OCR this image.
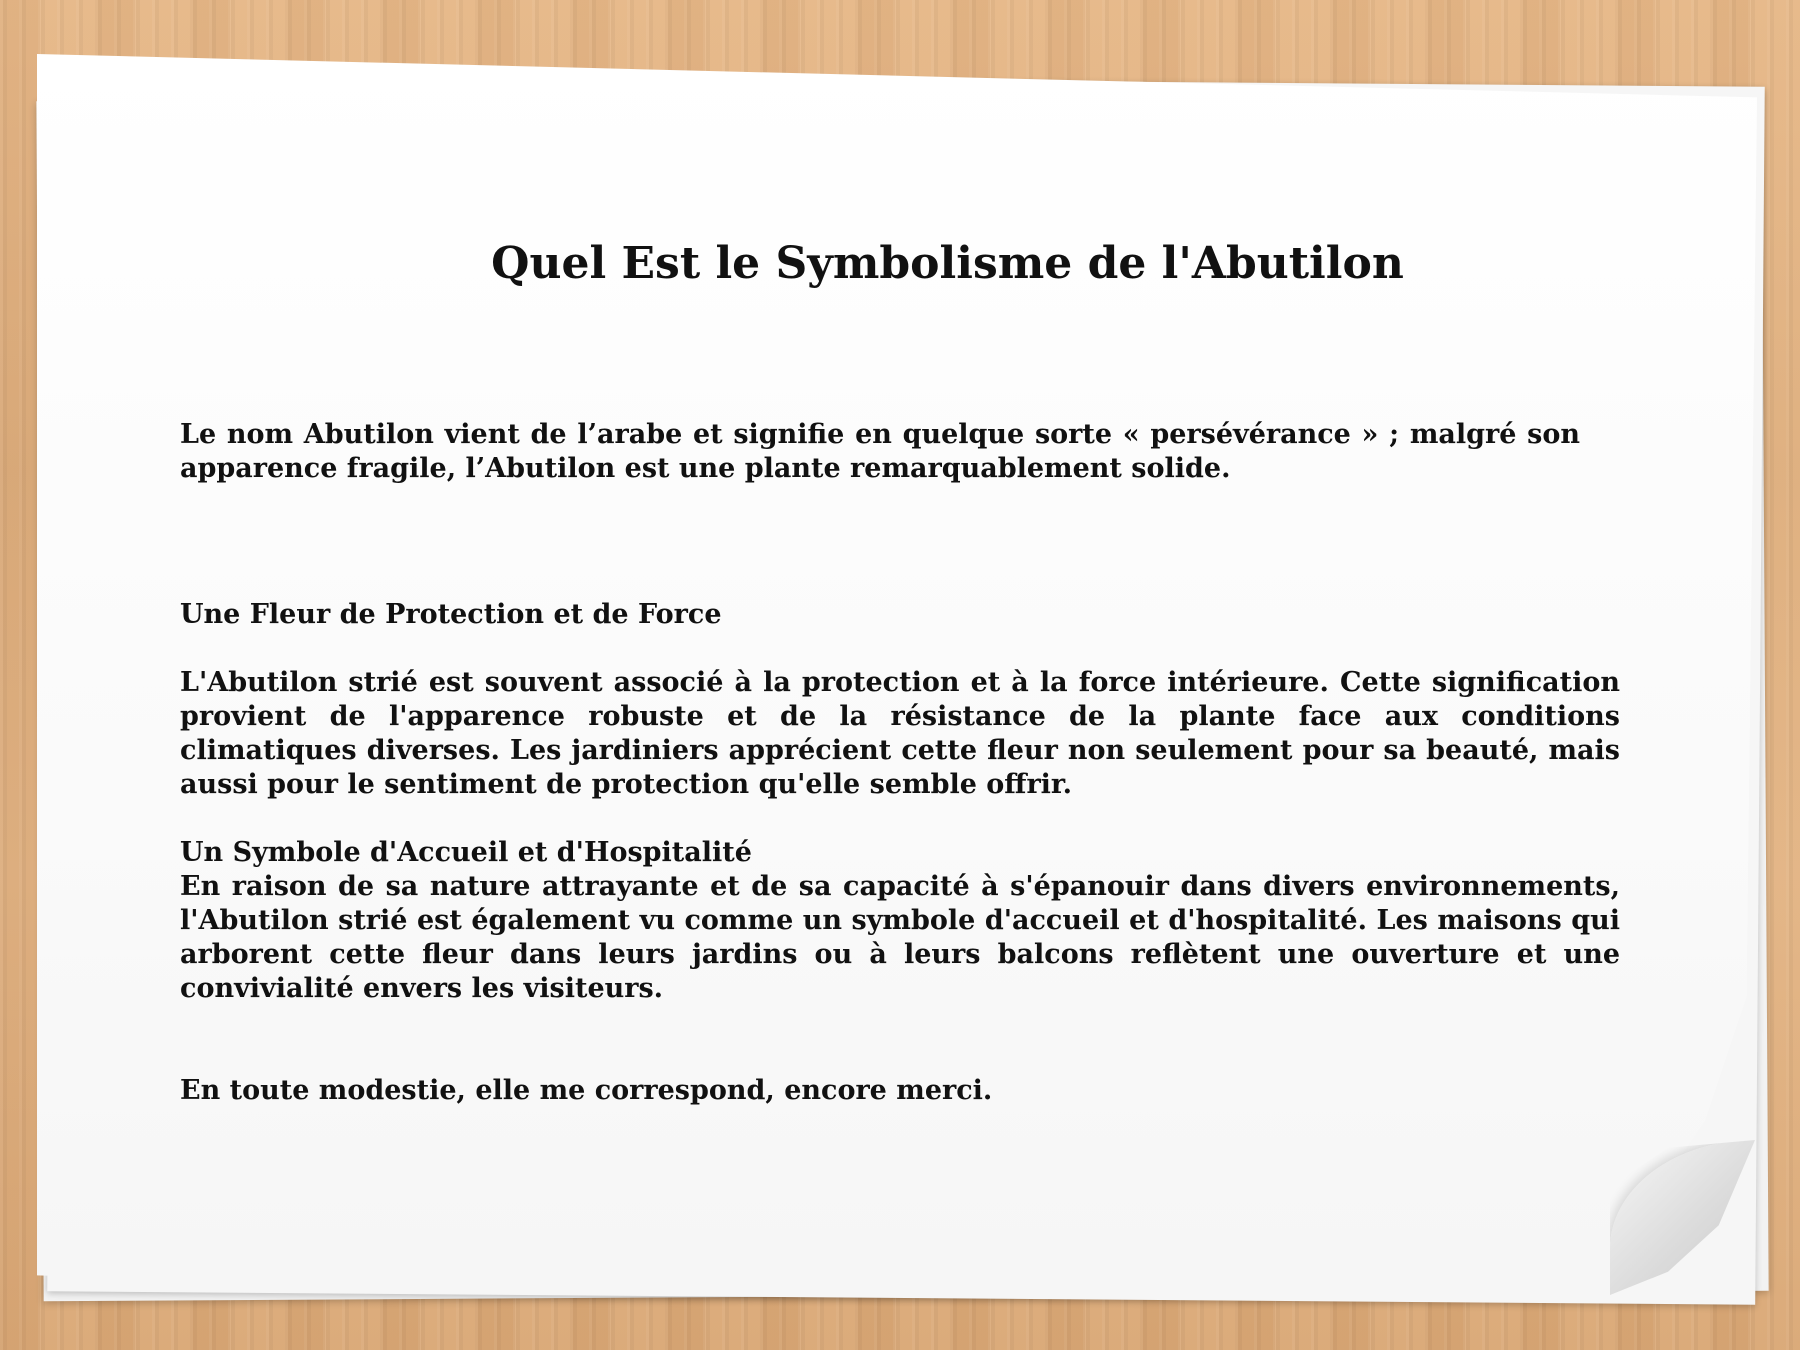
Quel Est le Symbolisme de l'Abutilon

Le nom Abutilon vient de l’arabe et signifie en quelque sorte « persévérance » ; malgré son apparence fragile, l’Abutilon est une plante remarquablement solide.

Une Fleur de Protection et de Force

L'Abutilon strié est souvent associé à la protection et à la force intérieure. Cette signification provient de l'apparence robuste et de la résistance de la plante face aux conditions climatiques diverses. Les jardiniers apprécient cette fleur non seulement pour sa beauté, mais aussi pour le sentiment de protection qu'elle semble offrir.

Un Symbole d'Accueil et d'Hospitalité

En raison de sa nature attrayante et de sa capacité à s'épanouir dans divers environnements, l'Abutilon strié est également vu comme un symbole d'accueil et d'hospitalité. Les maisons qui arborent cette fleur dans leurs jardins ou à leurs balcons reflètent une ouverture et une convivialité envers les visiteurs.

En toute modestie, elle me correspond, encore merci.
